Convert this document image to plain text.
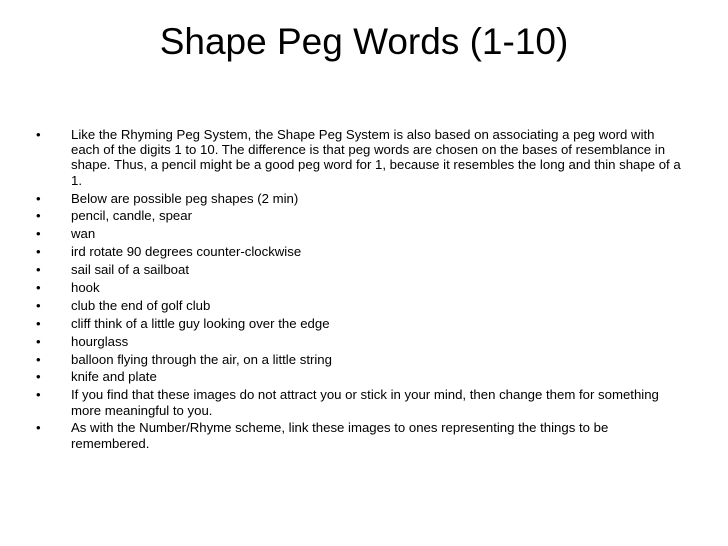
Shape Peg Words (1-10)
•	Like the Rhyming Peg System, the Shape Peg System is also based on associating a peg word with each of the digits 1 to 10. The difference is that peg words are chosen on the bases of resemblance in shape. Thus, a pencil might be a good peg word for 1, because it resembles the long and thin shape of a 1.
•	Below are possible peg shapes (2 min)
•	pencil, candle, spear
•	wan
•	ird rotate 90 degrees counter-clockwise
•	sail sail of a sailboat
•	hook
•	club the end of golf club
•	cliff think of a little guy looking over the edge
•	hourglass
•	balloon flying through the air, on a little string
•	knife and plate
•	If you find that these images do not attract you or stick in your mind, then change them for something more meaningful to you.
•	As with the Number/Rhyme scheme, link these images to ones representing the things to be remembered.
